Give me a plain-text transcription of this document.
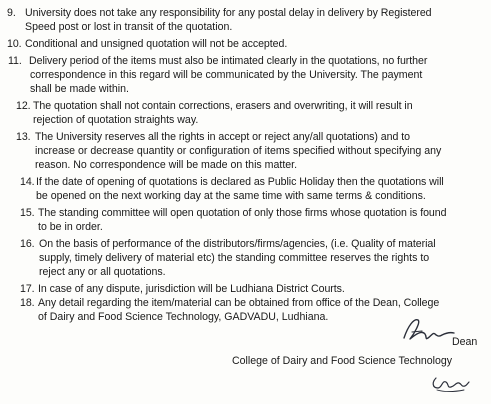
9. University does not take any responsibility for any postal delay in delivery by Registered
Speed post or lost in transit of the quotation.
10. Conditional and unsigned quotation will not be accepted.
11. Delivery period of the items must also be intimated clearly in the quotations, no further
correspondence in this regard will be communicated by the University. The payment
shall be made within.
12. The quotation shall not contain corrections, erasers and overwriting, it will result in
rejection of quotation straights way.
13. The University reserves all the rights in accept or reject any/all quotations) and to
increase or decrease quantity or configuration of items specified without specifying any
reason. No correspondence will be made on this matter.
14.If the date of opening of quotations is declared as Public Holiday then the quotations will
be opened on the next working day at the same time with same terms & conditions.
15. The standing committee will open quotation of only those firms whose quotation is found
to be in order.
16. On the basis of performance of the distributors/firms/agencies, (i.e. Quality of material
supply, timely delivery of material etc) the standing committee reserves the rights to
reject any or all quotations.
17. In case of any dispute, jurisdiction will be Ludhiana District Courts.
18. Any detail regarding the item/material can be obtained from office of the Dean, College
of Dairy and Food Science Technology, GADVADU, Ludhiana.
Dean
College of Dairy and Food Science Technology
